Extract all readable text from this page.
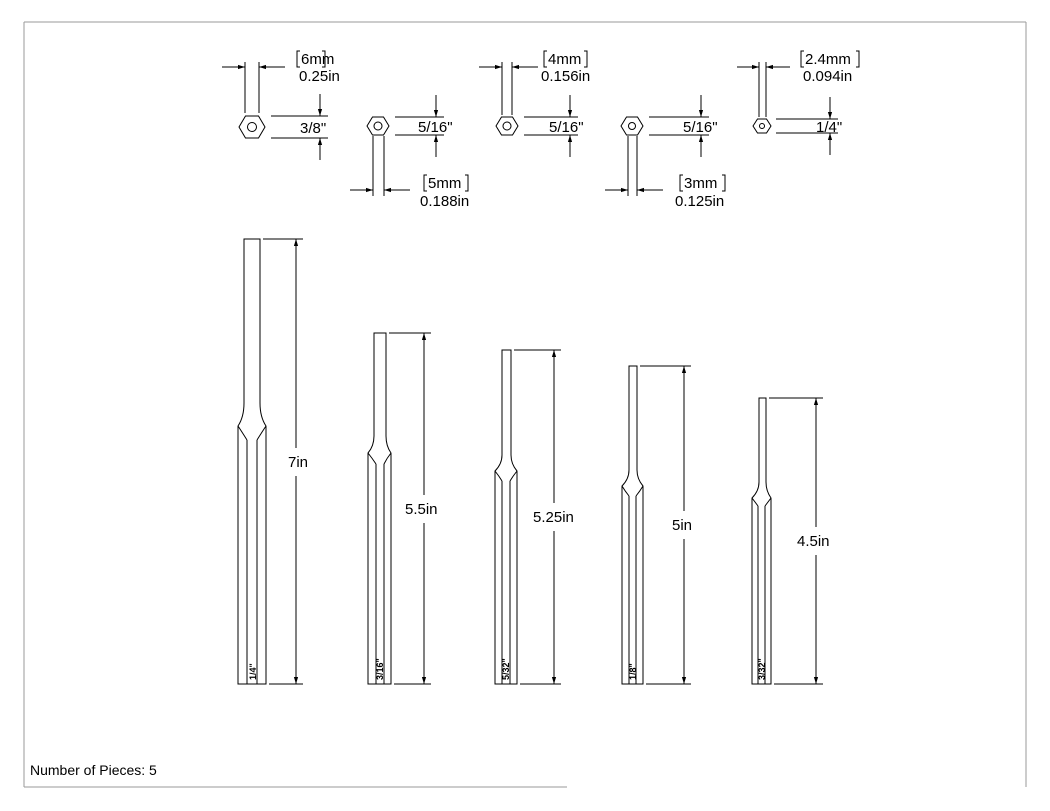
6mm
0.25in
3/8"
5mm
0.188in
5/16"
4mm
0.156in
5/16"
3mm
0.125in
5/16"
2.4mm
0.094in
1/4"
7in
1/4"
5.5in
3/16"
5.25in
5/32"
5in
1/8"
4.5in
3/32"
Number of Pieces: 5
